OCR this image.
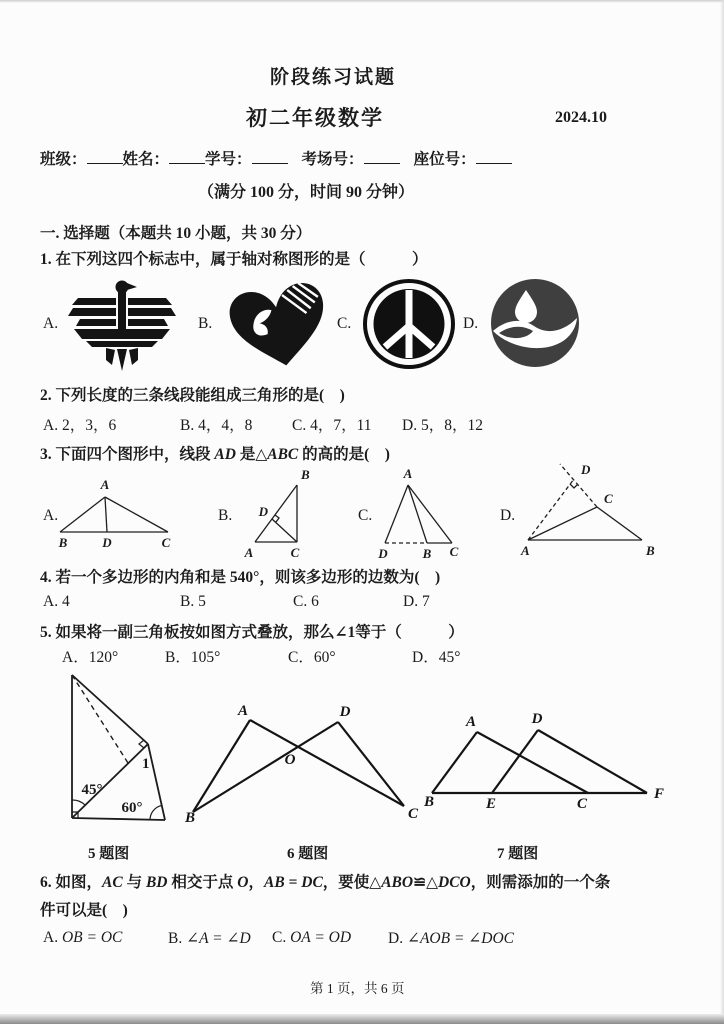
阶段练习试题
初二年级数学	2024.10
班级： 姓名： 学号：	考场号：	座位号：
（满分 100 分，时间 90 分钟）
一. 选择题（本题共 10 小题，共 30 分）
1. 在下列这四个标志中，属于轴对称图形的是（　　　）
A.	B.	C.	D.
2. 下列长度的三条线段能组成三角形的是(　)
A. 2，3，6	B. 4，4，8	C. 4，7，11 D. 5，8，12
3. 下面四个图形中，线段 AD 是△ABC 的高的是(　)
A.	B.	C.	D.
A
B	D	C
B
D
A	C
A
D	B C
D
C
A	B
4. 若一个多边形的内角和是 540°，则该多边形的边数为(　)
A. 4	B. 5	C. 6	D. 7
5. 如果将一副三角板按如图方式叠放，那么∠1等于（　　　）
A．120°	B．105°	C．60°	D．45°
45°
60°
1
A	D
O
B	C
A	D
B	E	C
F
5 题图	6 题图	7 题图
6. 如图，AC 与 BD 相交于点 O，AB = DC，要使△ABO≌△DCO，则需添加的一个条
件可以是(　)
A. OB = OC	B. ∠A = ∠D C. OA = OD D. ∠AOB = ∠DOC
第 1 页，共 6 页
